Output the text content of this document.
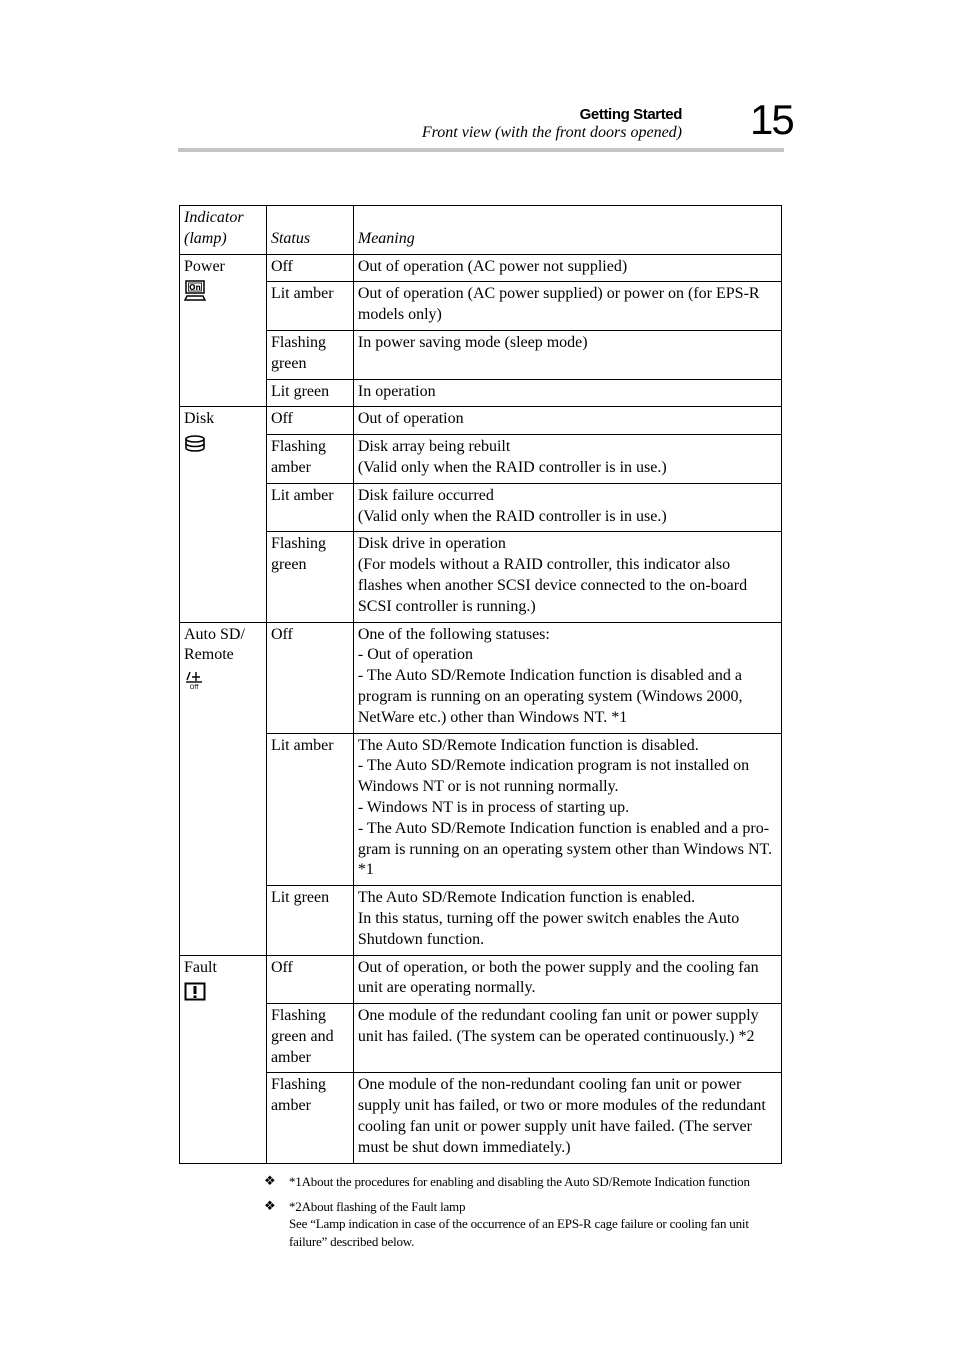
Getting Started
Front view (with the front doors opened) 15
Indicator
(lamp)	Status	Meaning
Power
On	Off	Out of operation (AC power not supplied)
	Lit amber	Out of operation (AC power supplied) or power on (for EPS-R models only)
	Flashing green	In power saving mode (sleep mode)
	Lit green	In operation
Disk	Off	Out of operation
	Flashing amber	Disk array being rebuilt
(Valid only when the RAID controller is in use.)
	Lit amber	Disk failure occurred
(Valid only when the RAID controller is in use.)
	Flashing green	Disk drive in operation
(For models without a RAID controller, this indicator also flashes when another SCSI device connected to the on-board SCSI controller is running.)
Auto SD/ Remote
Off	Off	One of the following statuses:
- Out of operation
- The Auto SD/Remote Indication function is disabled and a program is running on an operating system (Windows 2000, NetWare etc.) other than Windows NT. *1
	Lit amber	The Auto SD/Remote Indication function is disabled.
- The Auto SD/Remote indication program is not installed on Windows NT or is not running normally.
- Windows NT is in process of starting up.
- The Auto SD/Remote Indication function is enabled and a pro-gram is running on an operating system other than Windows NT. *1
	Lit green	The Auto SD/Remote Indication function is enabled.
In this status, turning off the power switch enables the Auto Shutdown function.
Fault	Off	Out of operation, or both the power supply and the cooling fan unit are operating normally.
	Flashing green and amber	One module of the redundant cooling fan unit or power supply unit has failed. (The system can be operated continuously.) *2
	Flashing amber	One module of the non-redundant cooling fan unit or power supply unit has failed, or two or more modules of the redundant cooling fan unit or power supply unit have failed. (The server must be shut down immediately.)
❖ *1About the procedures for enabling and disabling the Auto SD/Remote Indication function
❖ *2About flashing of the Fault lamp
See “Lamp indication in case of the occurrence of an EPS-R cage failure or cooling fan unit failure” described below.
